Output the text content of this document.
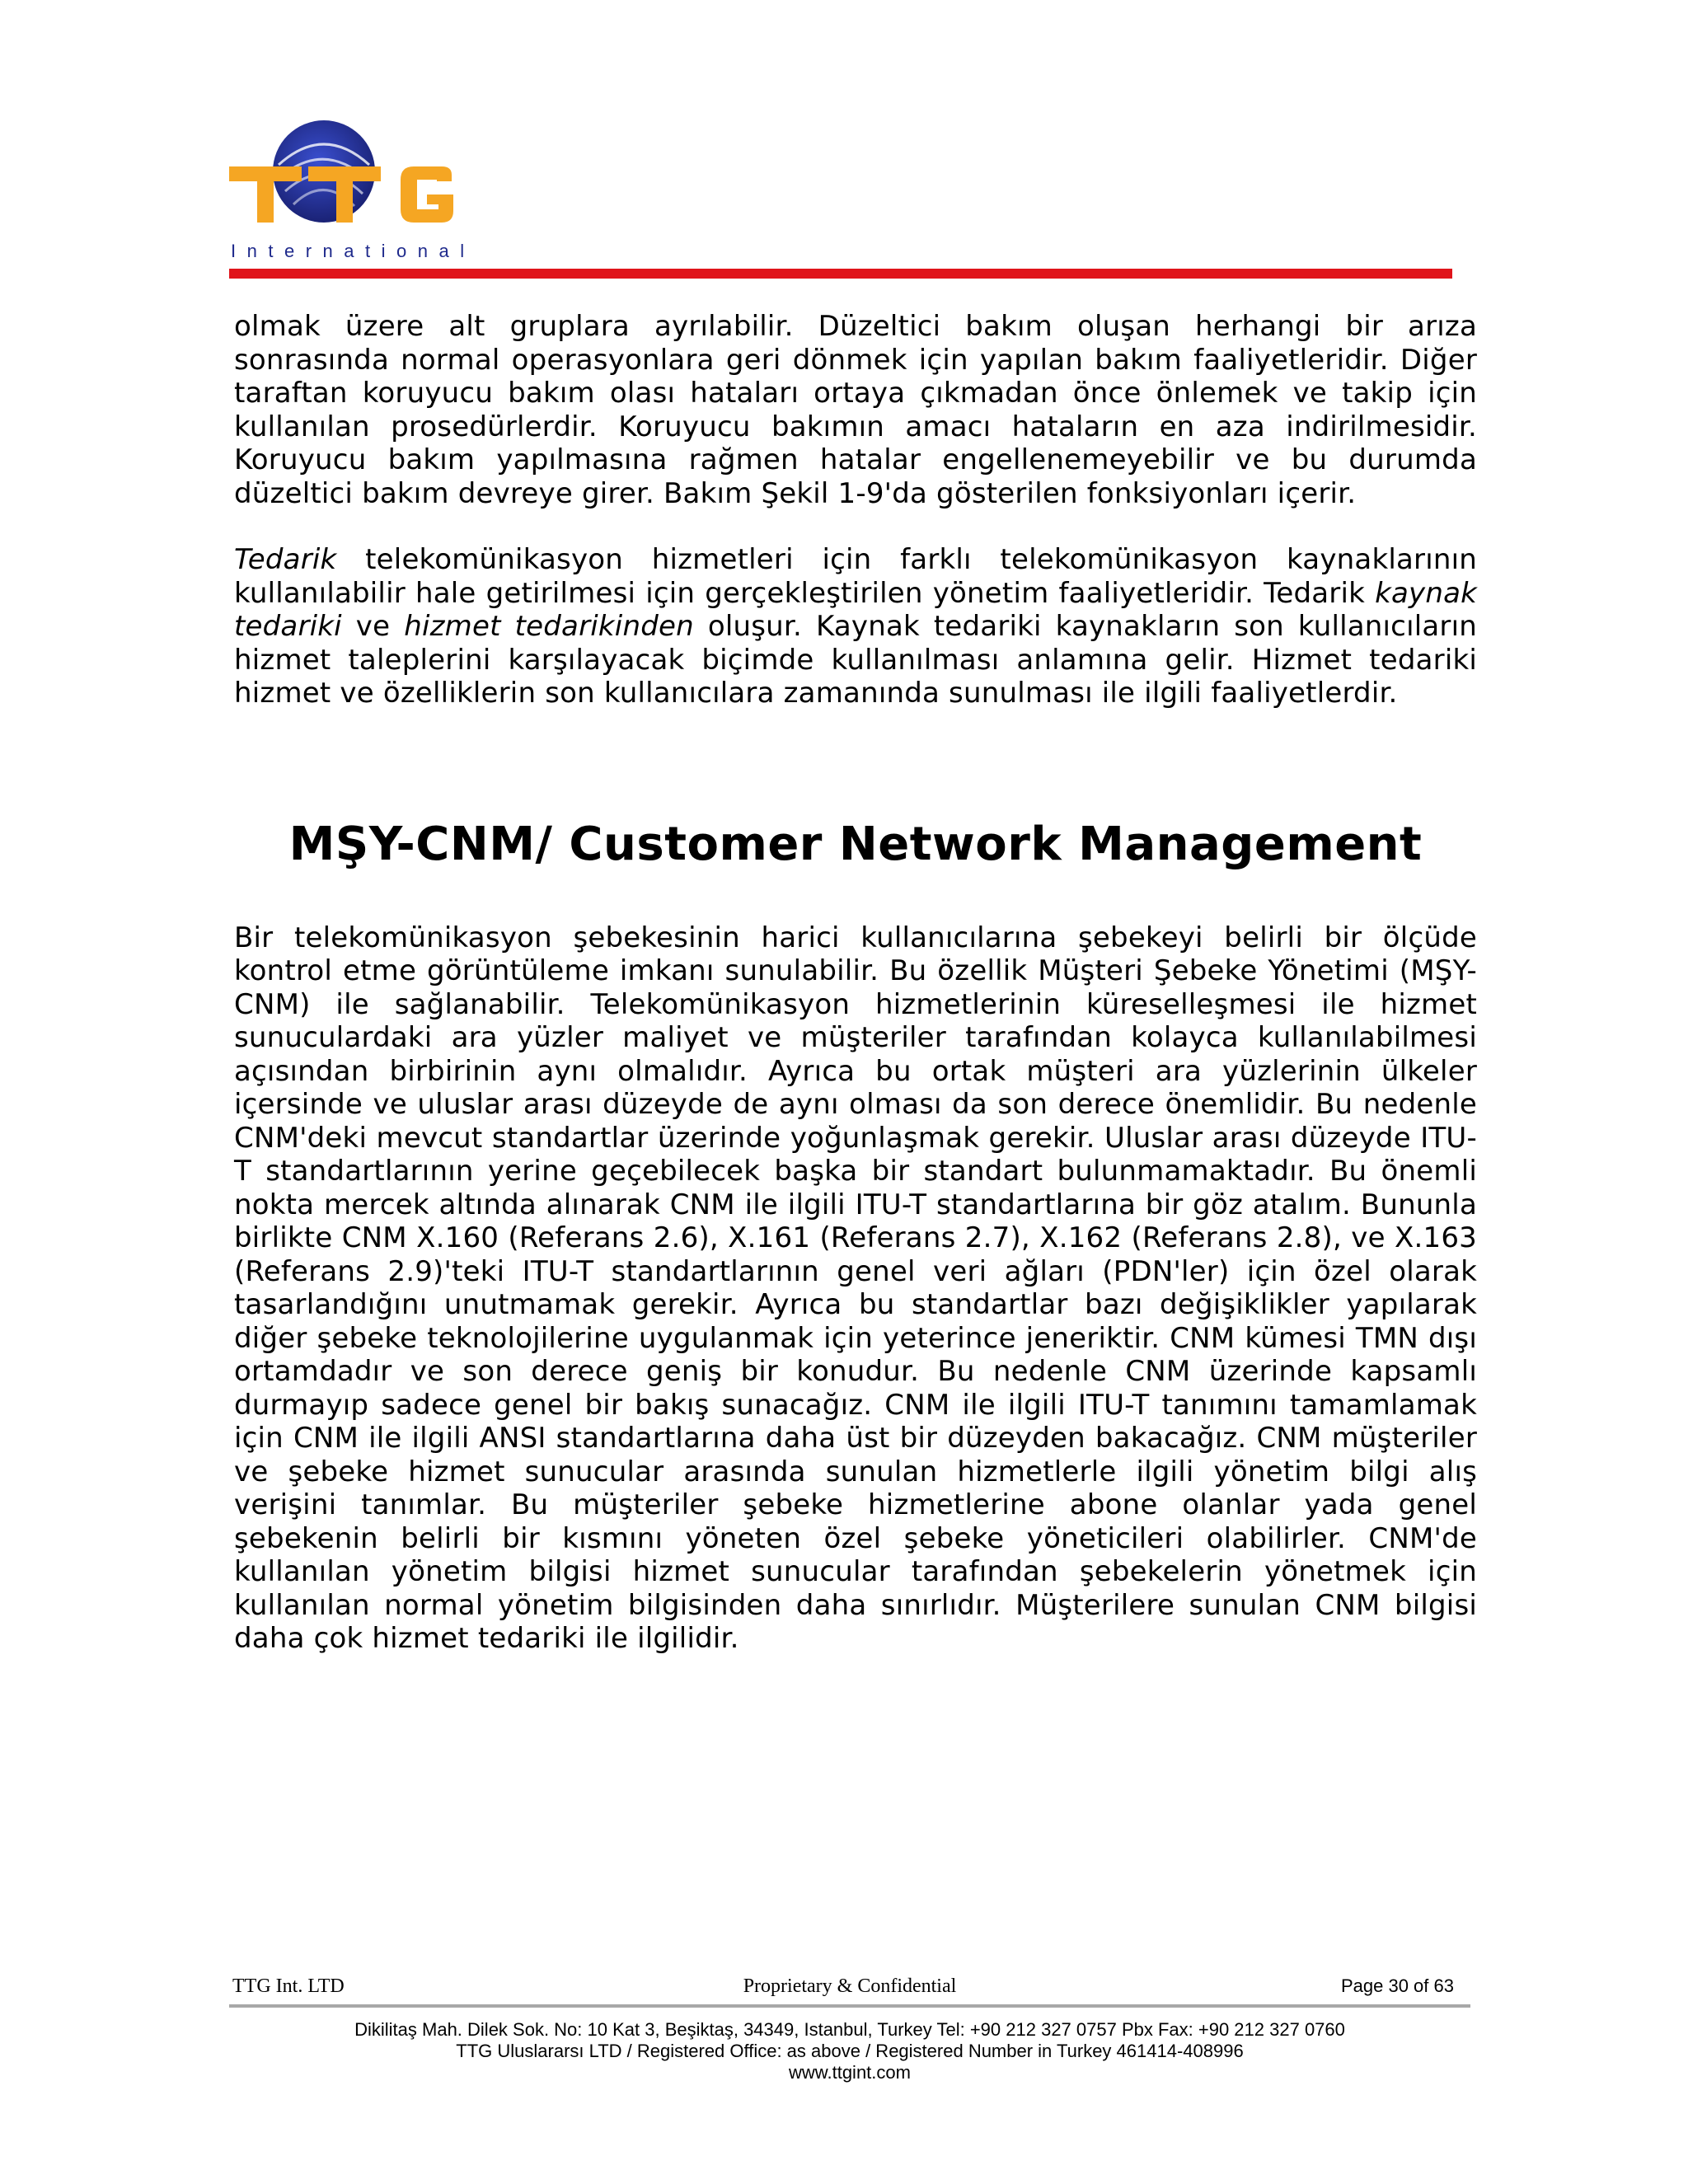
International

olmak üzere alt gruplara ayrılabilir. Düzeltici bakım oluşan herhangi bir arıza sonrasında normal operasyonlara geri dönmek için yapılan bakım faaliyetleridir. Diğer taraftan koruyucu bakım olası hataları ortaya çıkmadan önce önlemek ve takip için kullanılan prosedürlerdir. Koruyucu bakımın amacı hataların en aza indirilmesidir. Koruyucu bakım yapılmasına rağmen hatalar engellenemeyebilir ve bu durumda düzeltici bakım devreye girer. Bakım Şekil 1-9'da gösterilen fonksiyonları içerir.

Tedarik telekomünikasyon hizmetleri için farklı telekomünikasyon kaynaklarının kullanılabilir hale getirilmesi için gerçekleştirilen yönetim faaliyetleridir. Tedarik kaynak tedariki ve hizmet tedarikinden oluşur. Kaynak tedariki kaynakların son kullanıcıların hizmet taleplerini karşılayacak biçimde kullanılması anlamına gelir. Hizmet tedariki hizmet ve özelliklerin son kullanıcılara zamanında sunulması ile ilgili faaliyetlerdir.

MŞY-CNM/ Customer Network Management

Bir telekomünikasyon şebekesinin harici kullanıcılarına şebekeyi belirli bir ölçüde kontrol etme görüntüleme imkanı sunulabilir. Bu özellik Müşteri Şebeke Yönetimi (MŞY-CNM) ile sağlanabilir. Telekomünikasyon hizmetlerinin küreselleşmesi ile hizmet sunuculardaki ara yüzler maliyet ve müşteriler tarafından kolayca kullanılabilmesi açısından birbirinin aynı olmalıdır. Ayrıca bu ortak müşteri ara yüzlerinin ülkeler içersinde ve uluslar arası düzeyde de aynı olması da son derece önemlidir. Bu nedenle CNM'deki mevcut standartlar üzerinde yoğunlaşmak gerekir. Uluslar arası düzeyde ITU-T standartlarının yerine geçebilecek başka bir standart bulunmamaktadır. Bu önemli nokta mercek altında alınarak CNM ile ilgili ITU-T standartlarına bir göz atalım. Bununla birlikte CNM X.160 (Referans 2.6), X.161 (Referans 2.7), X.162 (Referans 2.8), ve X.163 (Referans 2.9)'teki ITU-T standartlarının genel veri ağları (PDN'ler) için özel olarak tasarlandığını unutmamak gerekir. Ayrıca bu standartlar bazı değişiklikler yapılarak diğer şebeke teknolojilerine uygulanmak için yeterince jeneriktir. CNM kümesi TMN dışı ortamdadır ve son derece geniş bir konudur. Bu nedenle CNM üzerinde kapsamlı durmayıp sadece genel bir bakış sunacağız. CNM ile ilgili ITU-T tanımını tamamlamak için CNM ile ilgili ANSI standartlarına daha üst bir düzeyden bakacağız. CNM müşteriler ve şebeke hizmet sunucular arasında sunulan hizmetlerle ilgili yönetim bilgi alış verişini tanımlar. Bu müşteriler şebeke hizmetlerine abone olanlar yada genel şebekenin belirli bir kısmını yöneten özel şebeke yöneticileri olabilirler. CNM'de kullanılan yönetim bilgisi hizmet sunucular tarafından şebekelerin yönetmek için kullanılan normal yönetim bilgisinden daha sınırlıdır. Müşterilere sunulan CNM bilgisi daha çok hizmet tedariki ile ilgilidir.

TTG Int. LTD	Proprietary & Confidential	Page 30 of 63
Dikilitaş Mah. Dilek Sok. No: 10 Kat 3, Beşiktaş, 34349, Istanbul, Turkey Tel: +90 212 327 0757 Pbx Fax: +90 212 327 0760
TTG Uluslararsı LTD / Registered Office: as above / Registered Number in Turkey 461414-408996
www.ttgint.com
